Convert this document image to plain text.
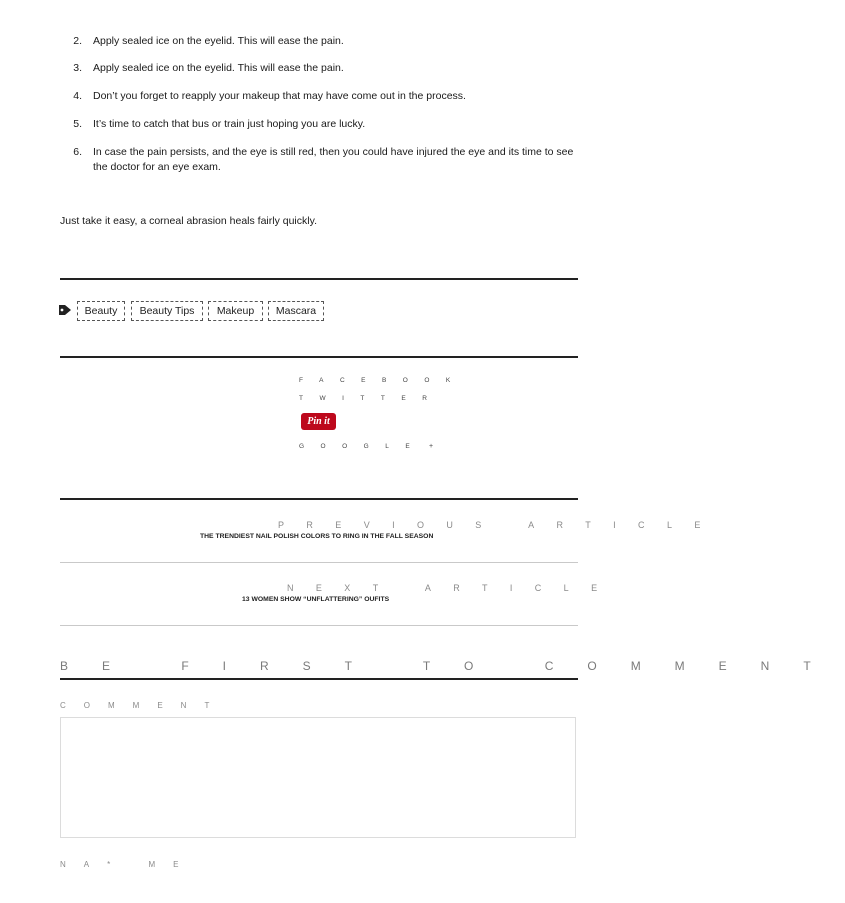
2. Apply sealed ice on the eyelid. This will ease the pain.
3. Apply sealed ice on the eyelid. This will ease the pain.
4. Don’t you forget to reapply your makeup that may have come out in the process.
5. It’s time to catch that bus or train just hoping you are lucky.
6. In case the pain persists, and the eye is still red, then you could have injured the eye and its time to see the doctor for an eye exam.
Just take it easy, a corneal abrasion heals fairly quickly.
Beauty	Beauty Tips	Makeup	Mascara
FACEBOOK
TWITTER
Pin it
GOOGLE +
PREVIOUS ARTICLE
THE TRENDIEST NAIL POLISH COLORS TO RING IN THE FALL SEASON
NEXT ARTICLE
13 WOMEN SHOW “UNFLATTERING” OUFITS
BE FIRST TO COMMENT
COMMENT
NA* ME
